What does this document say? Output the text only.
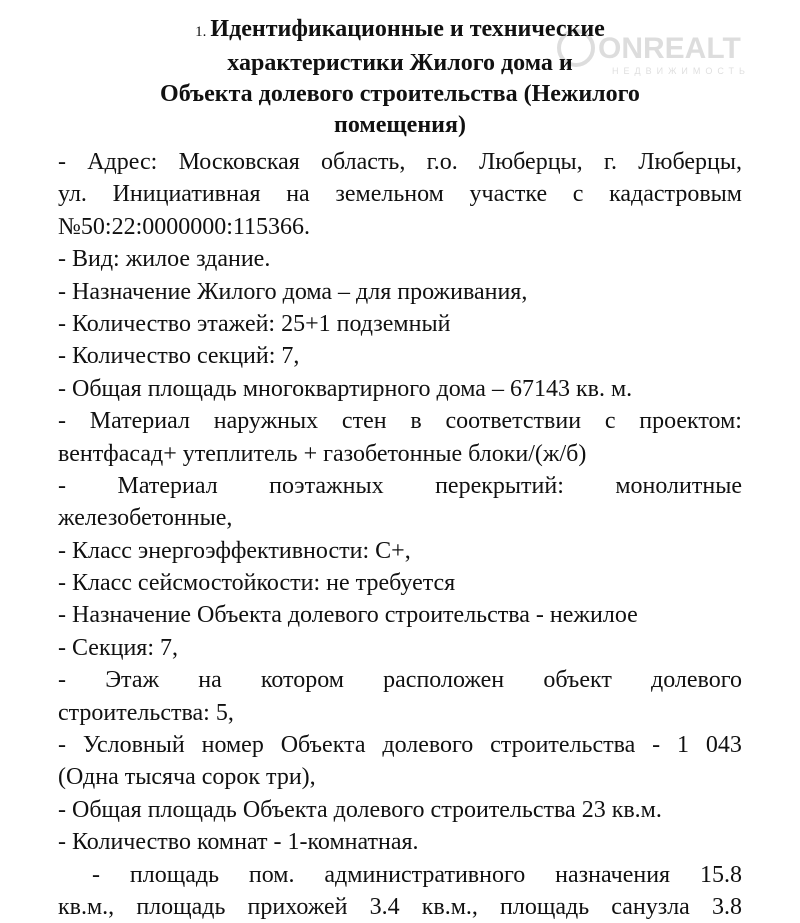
1. Идентификационные и технические
характеристики Жилого дома и
Объекта долевого строительства (Нежилого
помещения)
ONREALT
НЕДВИЖИМОСТЬ
- Адрес: Московская область, г.о. Люберцы, г. Люберцы,
ул. Инициативная на земельном участке с кадастровым
№50:22:0000000:115366.
- Вид: жилое здание.
- Назначение Жилого дома – для проживания,
- Количество этажей: 25+1 подземный
- Количество секций: 7,
- Общая площадь многоквартирного дома – 67143 кв. м.
- Материал наружных стен в соответствии с проектом:
вентфасад+ утеплитель + газобетонные блоки/(ж/б)
- Материал поэтажных перекрытий: монолитные
железобетонные,
- Класс энергоэффективности: С+,
- Класс сейсмостойкости: не требуется
- Назначение Объекта долевого строительства - нежилое
- Секция: 7,
- Этаж на котором расположен объект долевого
строительства: 5,
- Условный номер Объекта долевого строительства - 1 043
(Одна тысяча сорок три),
- Общая площадь Объекта долевого строительства 23 кв.м.
- Количество комнат - 1-комнатная.
- площадь пом. административного назначения 15.8
кв.м., площадь прихожей 3.4 кв.м., площадь санузла 3.8
